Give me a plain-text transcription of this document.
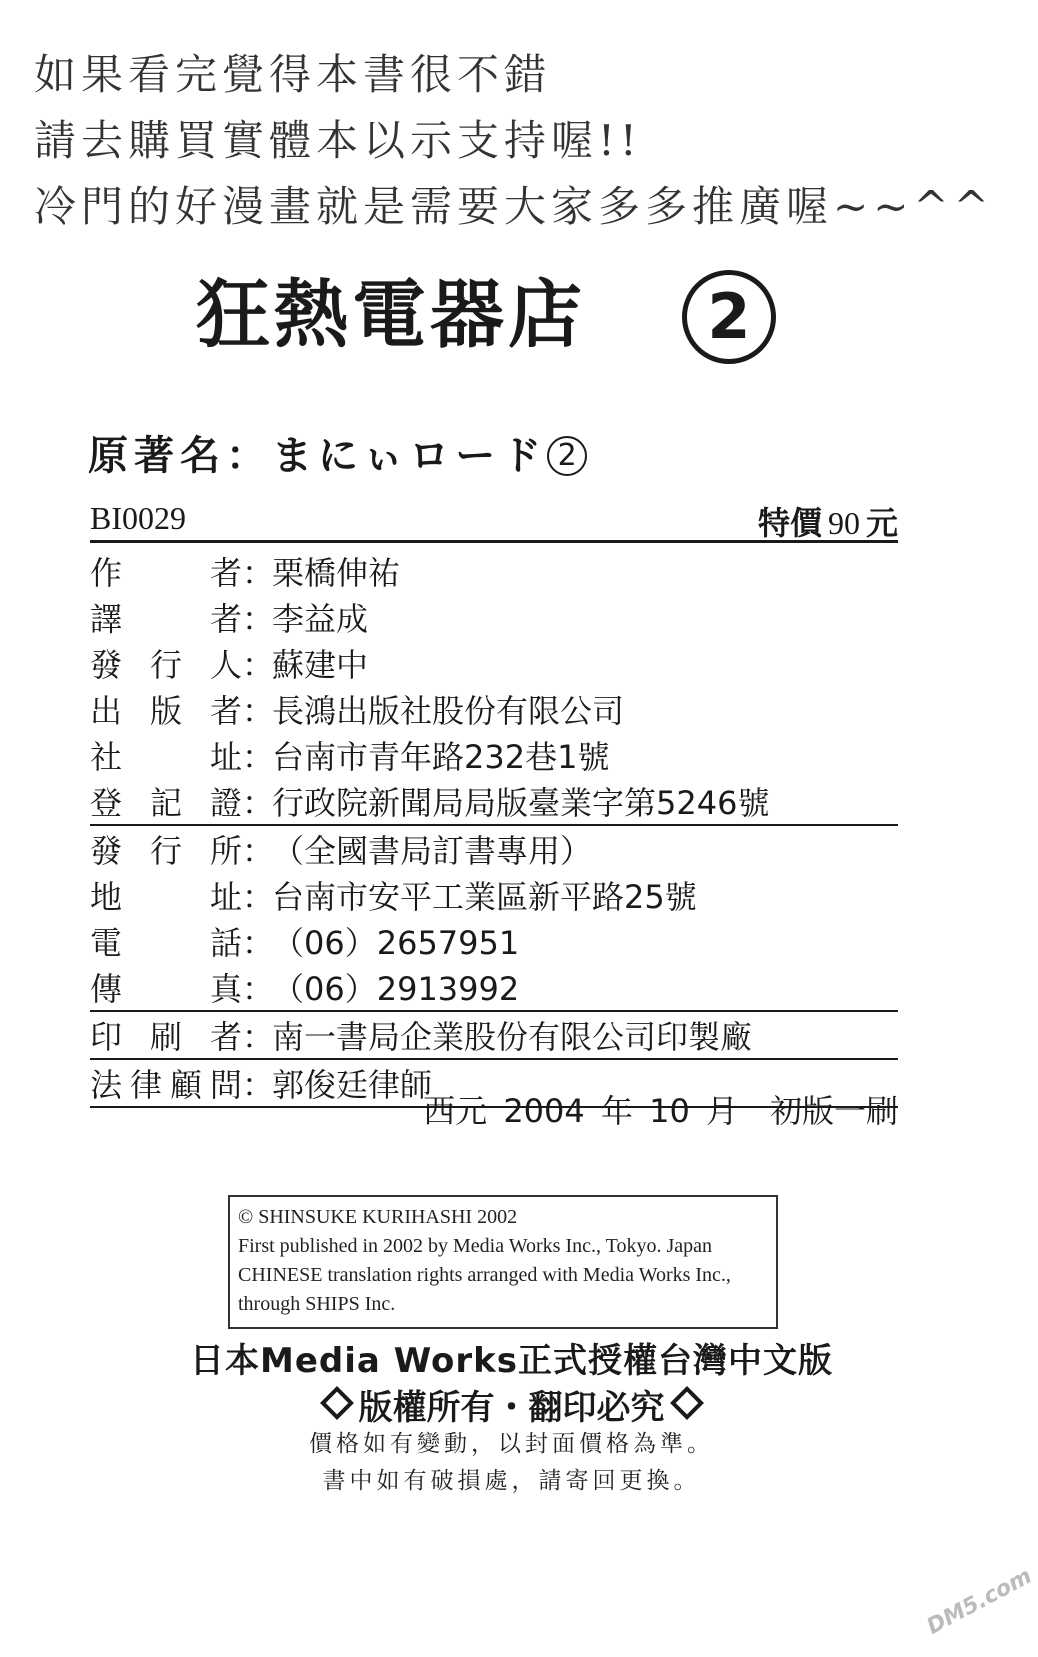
如果看完覺得本書很不錯
請去購買實體本以示支持喔!!
冷門的好漫畫就是需要大家多多推廣喔~~^^
狂熱電器店	2
原著名：まにぃロード 2
BI0029	特價 90 元
作	者 ：
栗橋伸祐
譯	者 ：
李益成
發 行 人 ：
蘇建中
出 版 者 ：
長鴻出版社股份有限公司
社	址 ：
台南市青年路232巷1號
登 記 證 ：
行政院新聞局局版臺業字第5246號
發 行 所 ：
（全國書局訂書專用）
地	址 ：
台南市安平工業區新平路25號
電	話 ：
（06）2657951
傳	真 ：
（06）2913992
印 刷 者 ：
南一書局企業股份有限公司印製廠
法 律 顧 問 ：
郭俊廷律師
西元 2004 年 10 月　初版一刷
© SHINSUKE KURIHASHI 2002
First published in 2002 by Media Works Inc., Tokyo. Japan
CHINESE translation rights arranged with Media Works Inc.,
through SHIPS Inc.
日本Media Works正式授權台灣中文版
版權所有・翻印必究
價格如有變動，以封面價格為準。
書中如有破損處，請寄回更換。
DM5.com
